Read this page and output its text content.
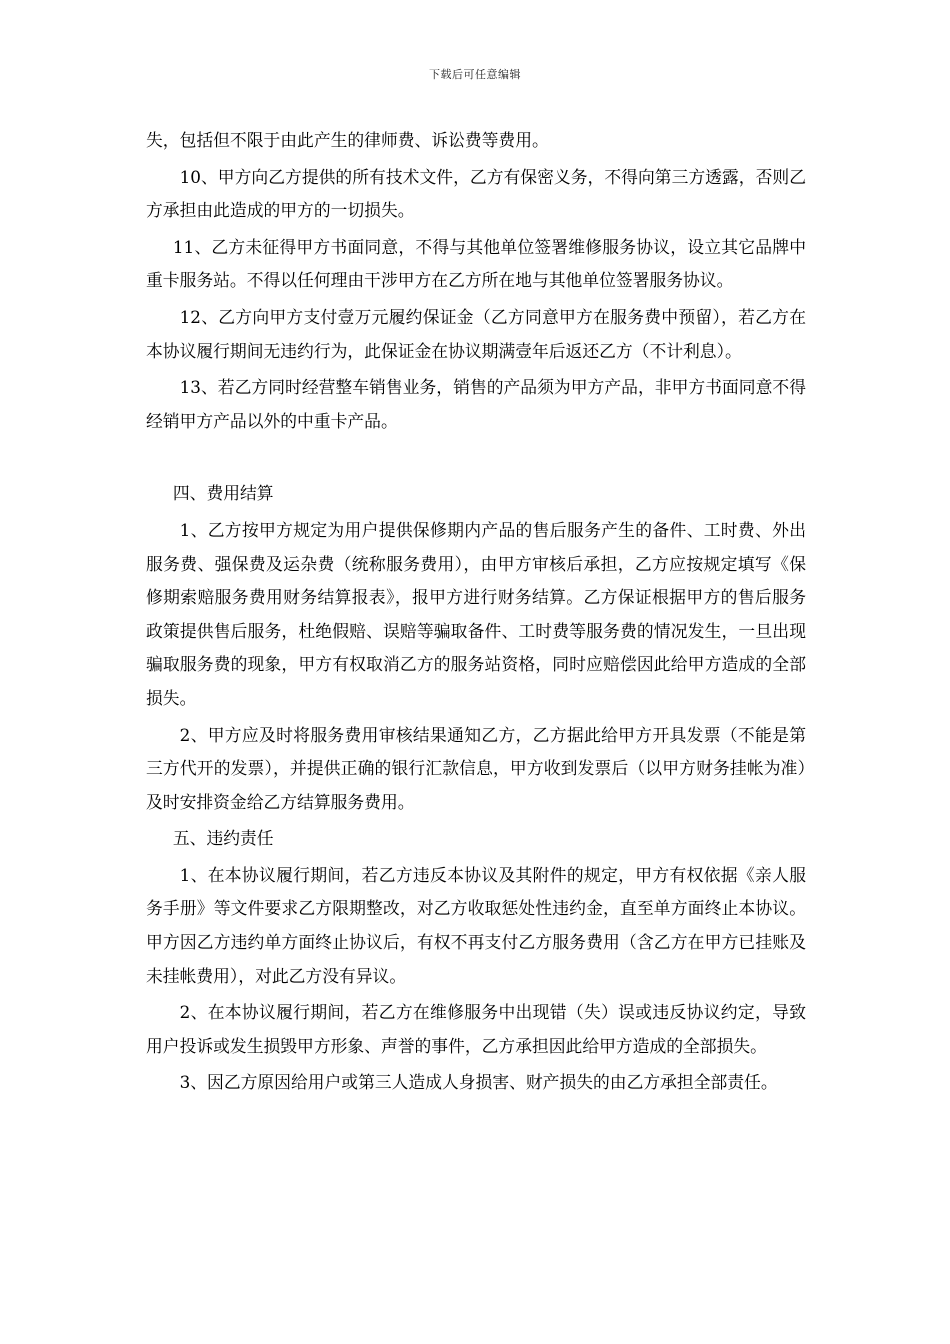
下载后可任意编辑

失，包括但不限于由此产生的律师费、诉讼费等费用。

10、甲方向乙方提供的所有技术文件，乙方有保密义务，不得向第三方透露，否则乙方承担由此造成的甲方的一切损失。

11、乙方未征得甲方书面同意，不得与其他单位签署维修服务协议，设立其它品牌中重卡服务站。不得以任何理由干涉甲方在乙方所在地与其他单位签署服务协议。

12、乙方向甲方支付壹万元履约保证金（乙方同意甲方在服务费中预留），若乙方在本协议履行期间无违约行为，此保证金在协议期满壹年后返还乙方（不计利息）。

13、若乙方同时经营整车销售业务，销售的产品须为甲方产品，非甲方书面同意不得经销甲方产品以外的中重卡产品。

四、费用结算

1、乙方按甲方规定为用户提供保修期内产品的售后服务产生的备件、工时费、外出服务费、强保费及运杂费（统称服务费用），由甲方审核后承担，乙方应按规定填写《保修期索赔服务费用财务结算报表》，报甲方进行财务结算。乙方保证根据甲方的售后服务政策提供售后服务，杜绝假赔、误赔等骗取备件、工时费等服务费的情况发生，一旦出现骗取服务费的现象，甲方有权取消乙方的服务站资格，同时应赔偿因此给甲方造成的全部损失。

2、甲方应及时将服务费用审核结果通知乙方，乙方据此给甲方开具发票（不能是第三方代开的发票），并提供正确的银行汇款信息，甲方收到发票后（以甲方财务挂帐为准）及时安排资金给乙方结算服务费用。

五、违约责任

1、在本协议履行期间，若乙方违反本协议及其附件的规定，甲方有权依据《亲人服务手册》等文件要求乙方限期整改，对乙方收取惩处性违约金，直至单方面终止本协议。甲方因乙方违约单方面终止协议后，有权不再支付乙方服务费用（含乙方在甲方已挂账及未挂帐费用），对此乙方没有异议。

2、在本协议履行期间，若乙方在维修服务中出现错（失）误或违反协议约定，导致用户投诉或发生损毁甲方形象、声誉的事件，乙方承担因此给甲方造成的全部损失。

3、因乙方原因给用户或第三人造成人身损害、财产损失的由乙方承担全部责任。
